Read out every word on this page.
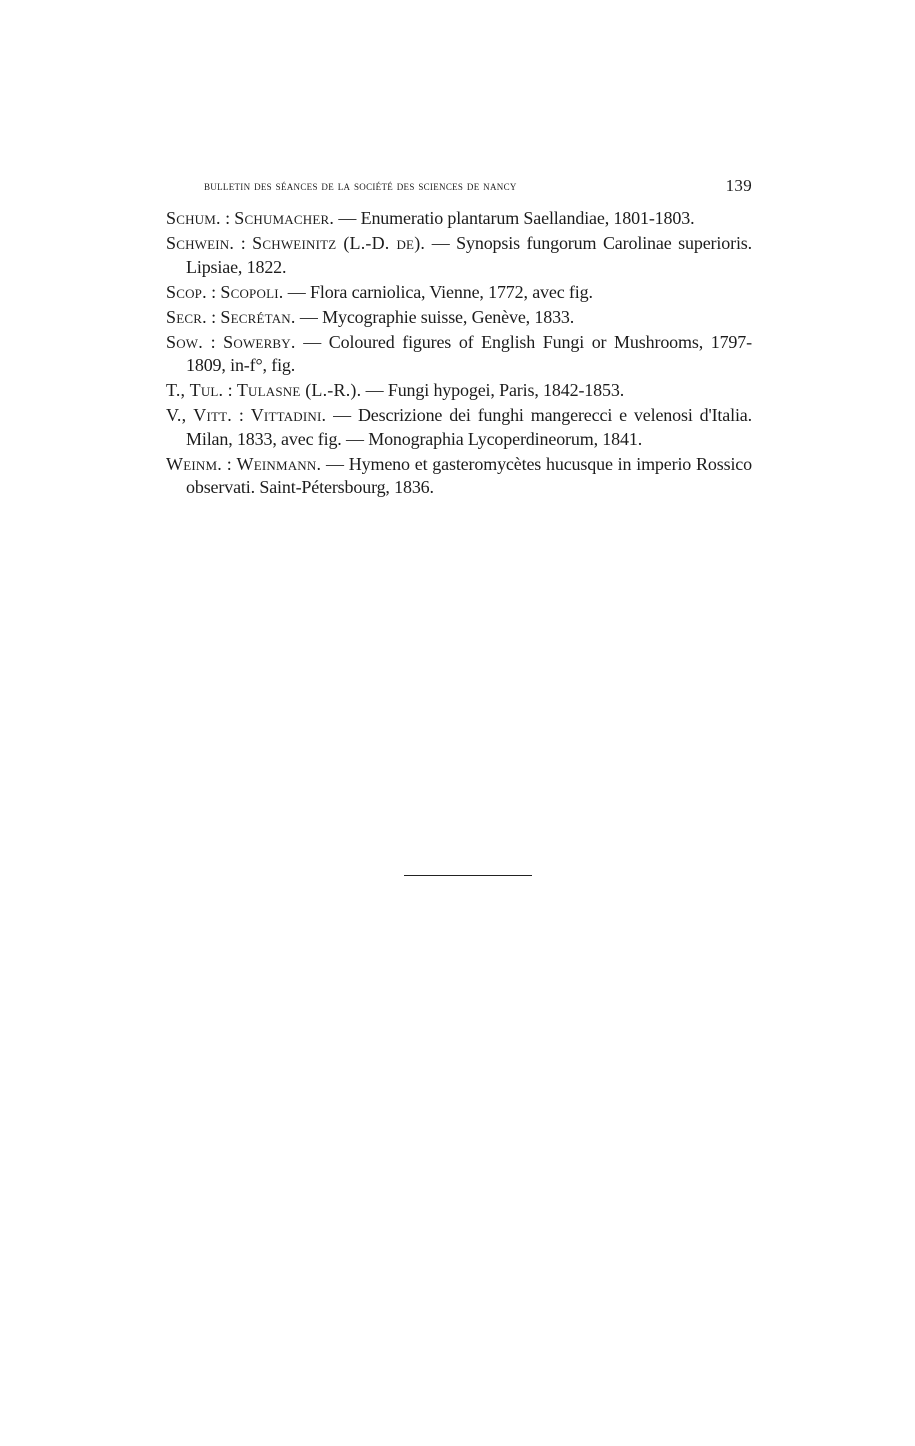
bulletin des séances de la société des sciences de nancy	139
Schum. : Schumacher. — Enumeratio plantarum Saellandiae, 1801-1803.
Schwein. : Schweinitz (L.-D. de). — Synopsis fungorum Carolinae superioris. Lipsiae, 1822.
Scop. : Scopoli. — Flora carniolica, Vienne, 1772, avec fig.
Secr. : Secrétan. — Mycographie suisse, Genève, 1833.
Sow. : Sowerby. — Coloured figures of English Fungi or Mushrooms, 1797-1809, in-f°, fig.
T., Tul. : Tulasne (L.-R.). — Fungi hypogei, Paris, 1842-1853.
V., Vitt. : Vittadini. — Descrizione dei funghi mangerecci e velenosi d'Italia. Milan, 1833, avec fig. — Monographia Lycoperdineorum, 1841.
Weinm. : Weinmann. — Hymeno et gasteromycètes hucusque in imperio Rossico observati. Saint-Pétersbourg, 1836.
